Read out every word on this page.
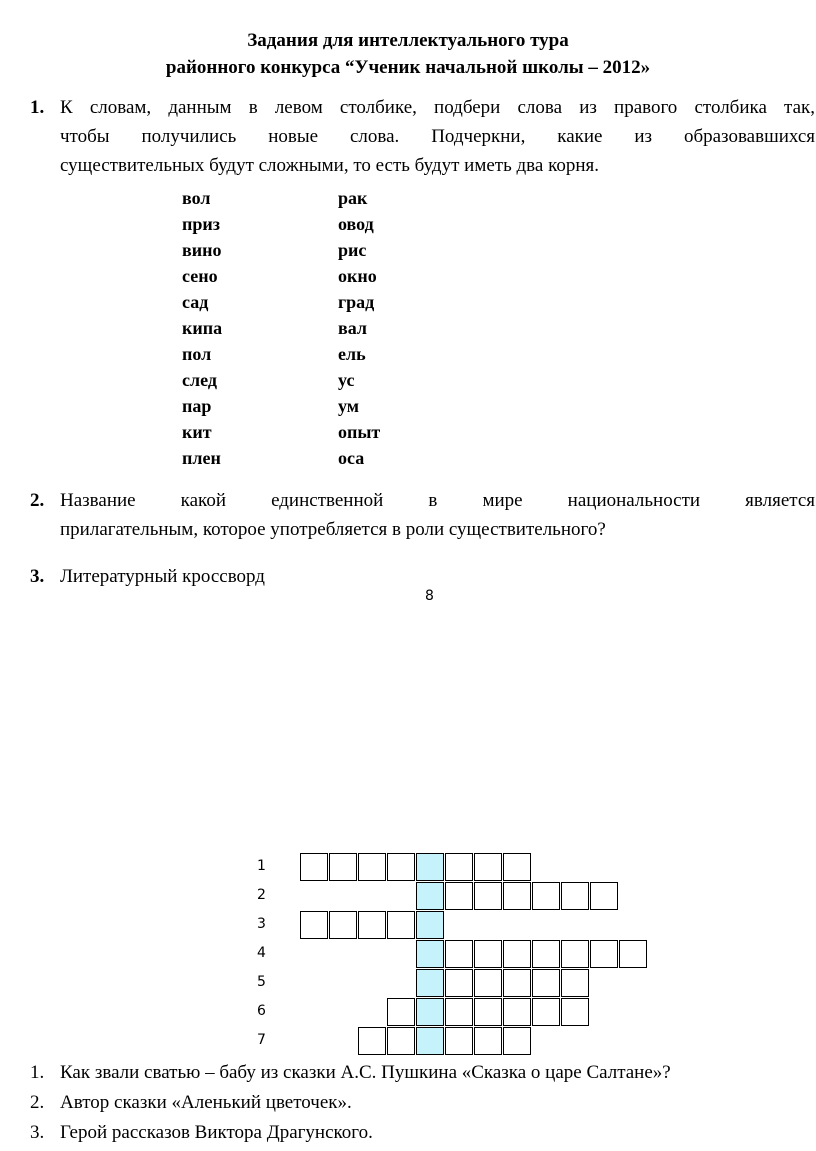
Задания для интеллектуального тура
районного конкурса “Ученик начальной школы – 2012»
1. К словам, данным в левом столбике, подбери слова из правого столбика так,
чтобы получились новые слова. Подчеркни, какие из образовавшихся
существительных будут сложными, то есть будут иметь два корня.
вол	рак
приз	овод
вино	рис
сено	окно
сад	град
кипа	вал
пол	ель
след	ус
пар	ум
кит	опыт
плен	оса
2. Название какой единственной в мире национальности является
прилагательным, которое употребляется в роли существительного?
3. Литературный кроссворд
8
1
2
3
4
5
6
7
1. Как звали сватью – бабу из сказки А.С. Пушкина «Сказка о царе Салтане»?
2. Автор сказки «Аленький цветочек».
3. Герой рассказов Виктора Драгунского.
